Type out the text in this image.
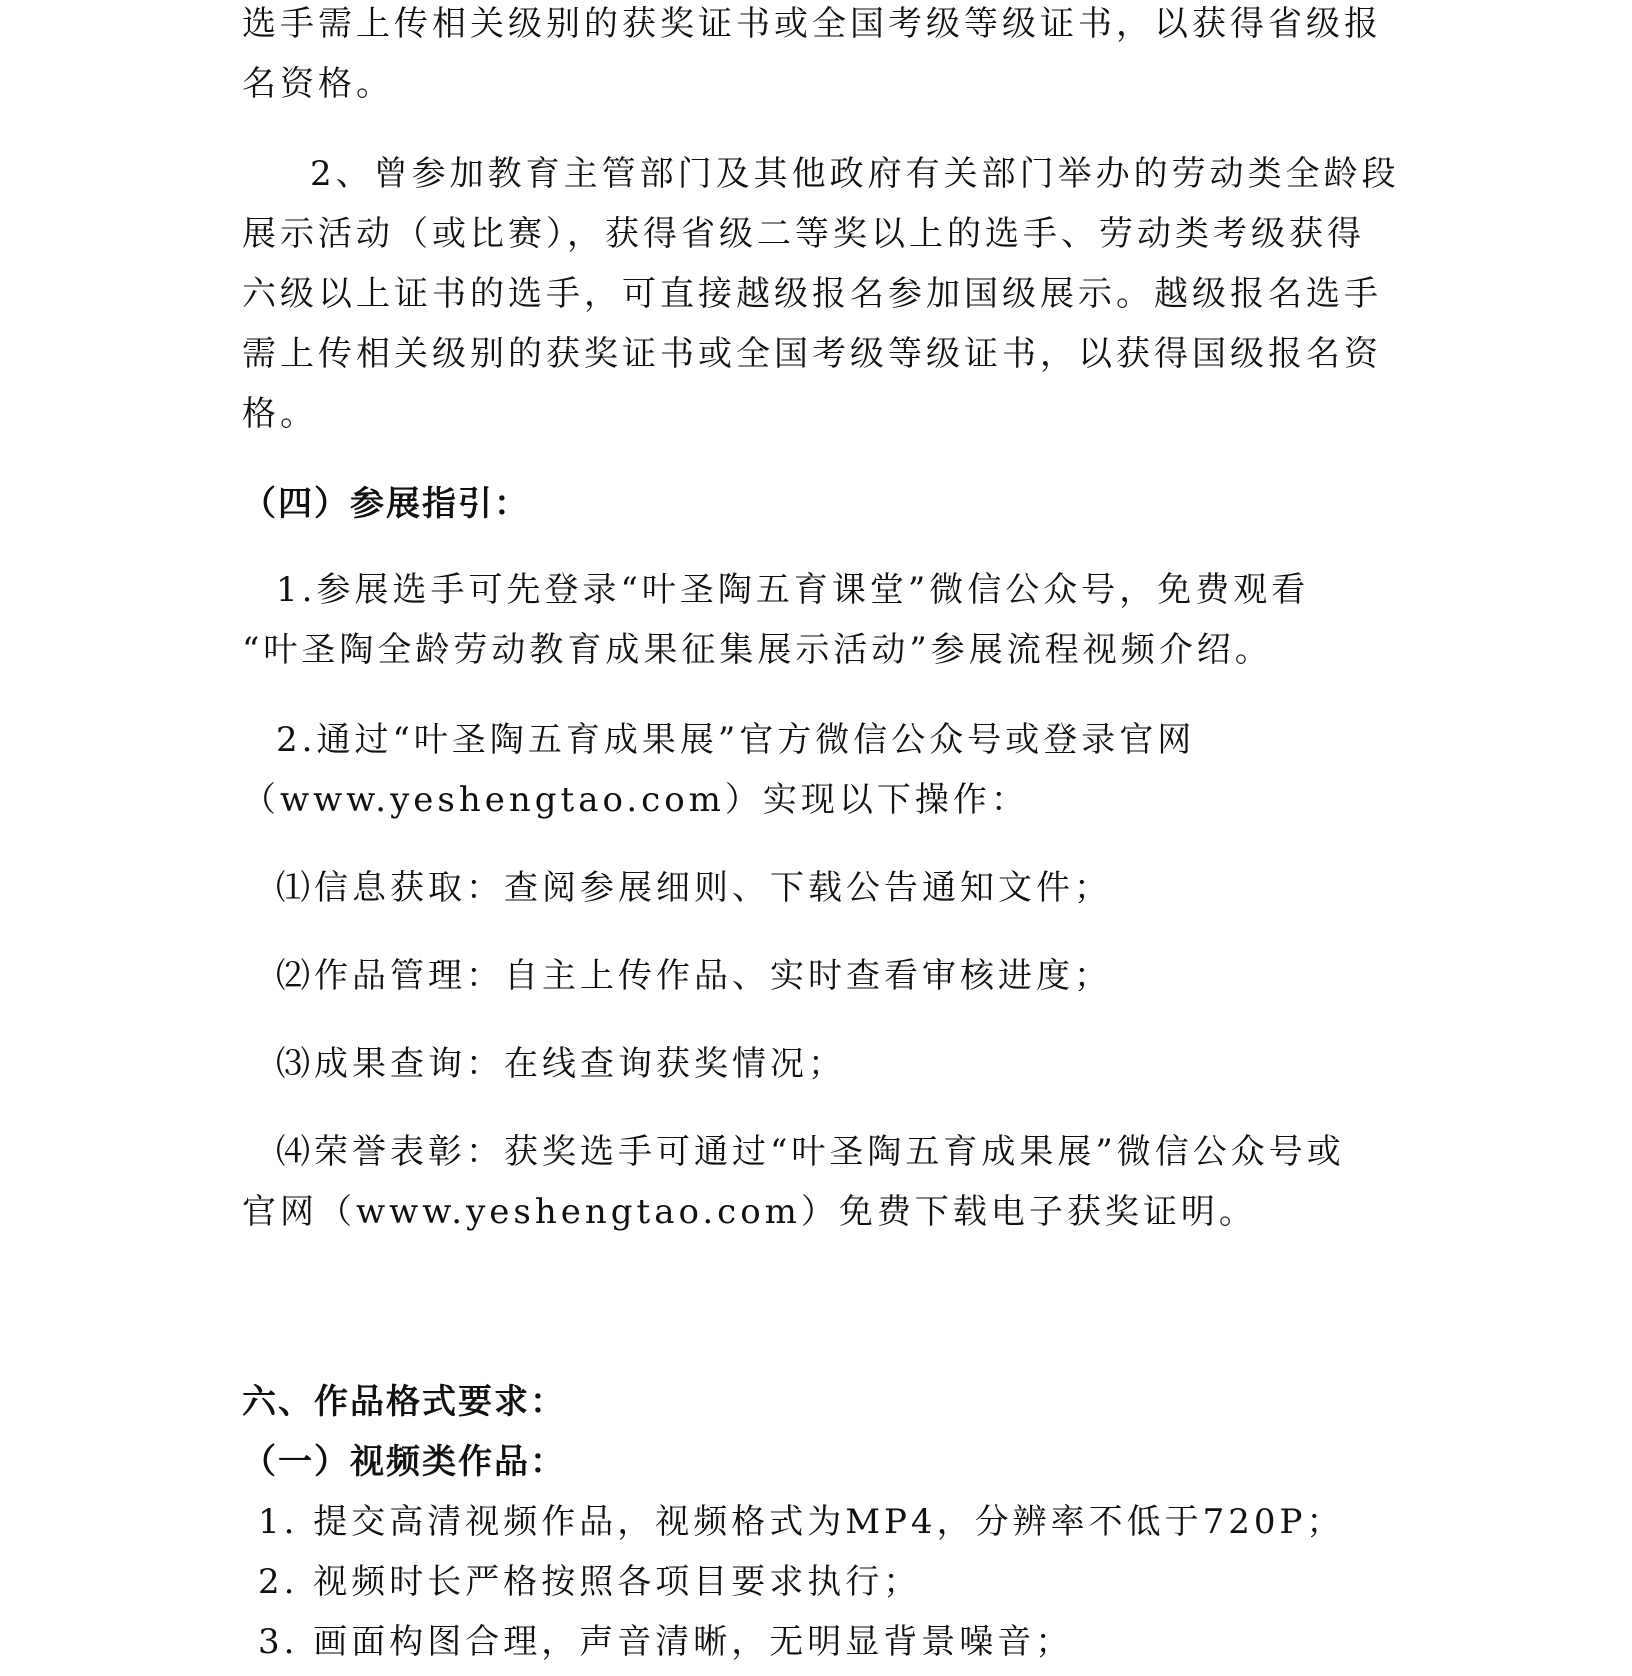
选手需上传相关级别的获奖证书或全国考级等级证书，以获得省级报
名资格。
2、曾参加教育主管部门及其他政府有关部门举办的劳动类全龄段
展示活动（或比赛），获得省级二等奖以上的选手、劳动类考级获得
六级以上证书的选手，可直接越级报名参加国级展示。越级报名选手
需上传相关级别的获奖证书或全国考级等级证书，以获得国级报名资
格。
（四）参展指引：
1.参展选手可先登录“叶圣陶五育课堂”微信公众号，免费观看
“叶圣陶全龄劳动教育成果征集展示活动”参展流程视频介绍。
2.通过“叶圣陶五育成果展”官方微信公众号或登录官网
（www.yeshengtao.com）实现以下操作：
⑴信息获取：查阅参展细则、下载公告通知文件；
⑵作品管理：自主上传作品、实时查看审核进度；
⑶成果查询：在线查询获奖情况；
⑷荣誉表彰：获奖选手可通过“叶圣陶五育成果展”微信公众号或
官网（www.yeshengtao.com）免费下载电子获奖证明。
六、作品格式要求：
（一）视频类作品：
1. 提交高清视频作品，视频格式为MP4，分辨率不低于720P；
2. 视频时长严格按照各项目要求执行；
3. 画面构图合理，声音清晰，无明显背景噪音；
